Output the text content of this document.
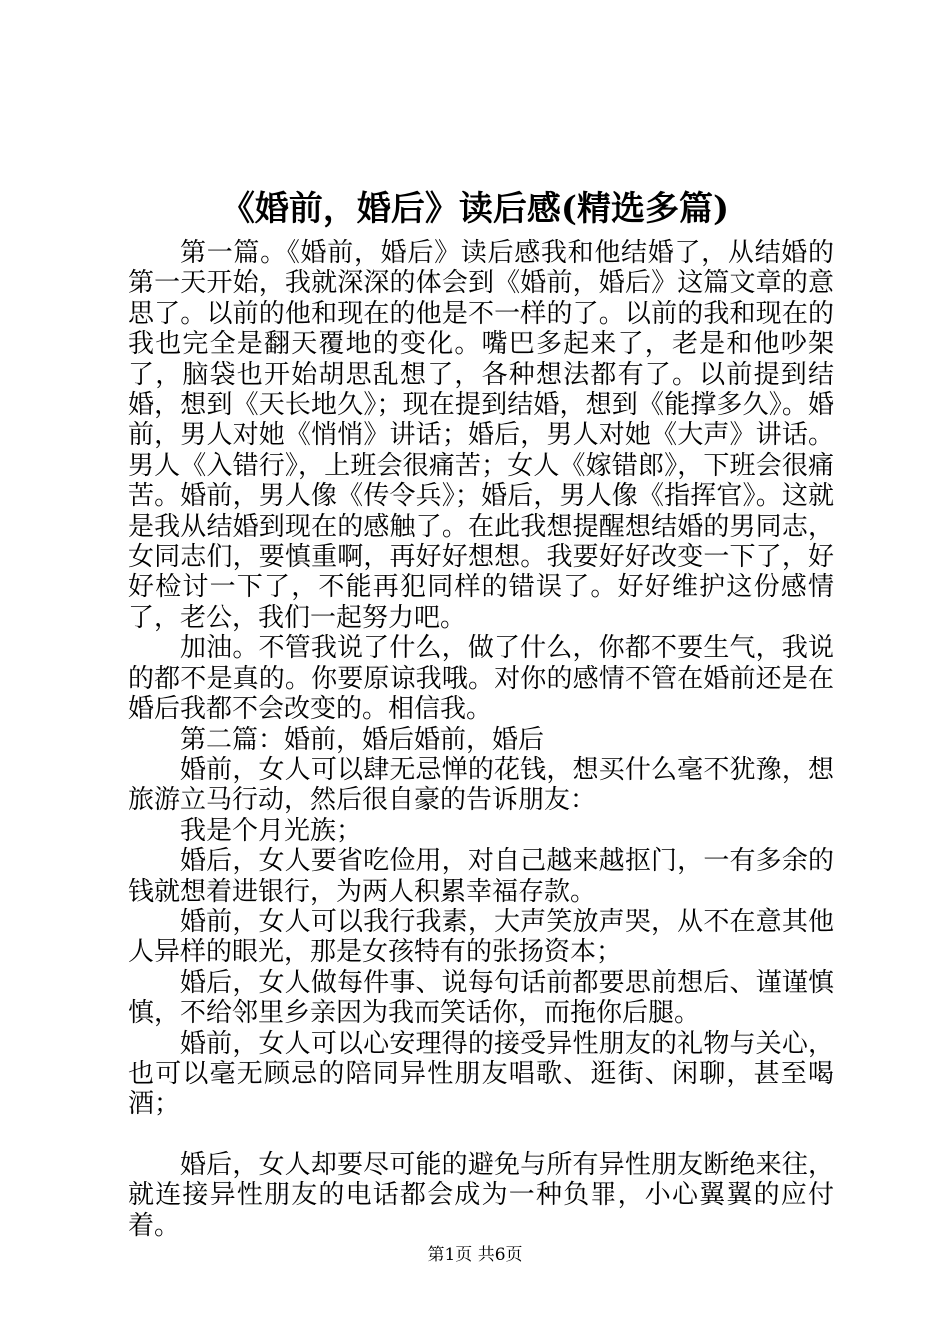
《婚前，婚后》读后感(精选多篇)

第一篇。《婚前，婚后》读后感我和他结婚了，从结婚的第一天开始，我就深深的体会到《婚前，婚后》这篇文章的意思了。以前的他和现在的他是不一样的了。以前的我和现在的我也完全是翻天覆地的变化。嘴巴多起来了，老是和他吵架了，脑袋也开始胡思乱想了，各种想法都有了。以前提到结婚，想到《天长地久》；现在提到结婚，想到《能撑多久》。婚前，男人对她《悄悄》讲话；婚后，男人对她《大声》讲话。男人《入错行》，上班会很痛苦；女人《嫁错郎》，下班会很痛苦。婚前，男人像《传令兵》；婚后，男人像《指挥官》。这就是我从结婚到现在的感触了。在此我想提醒想结婚的男同志，女同志们，要慎重啊，再好好想想。我要好好改变一下了，好好检讨一下了，不能再犯同样的错误了。好好维护这份感情了，老公，我们一起努力吧。

加油。不管我说了什么，做了什么，你都不要生气，我说的都不是真的。你要原谅我哦。对你的感情不管在婚前还是在婚后我都不会改变的。相信我。

第二篇：婚前，婚后婚前，婚后

婚前，女人可以肆无忌惮的花钱，想买什么毫不犹豫，想旅游立马行动，然后很自豪的告诉朋友：

我是个月光族；

婚后，女人要省吃俭用，对自己越来越抠门，一有多余的钱就想着进银行，为两人积累幸福存款。

婚前，女人可以我行我素，大声笑放声哭，从不在意其他人异样的眼光，那是女孩特有的张扬资本；

婚后，女人做每件事、说每句话前都要思前想后、谨谨慎慎，不给邻里乡亲因为我而笑话你，而拖你后腿。

婚前，女人可以心安理得的接受异性朋友的礼物与关心，也可以毫无顾忌的陪同异性朋友唱歌、逛街、闲聊，甚至喝酒；

婚后，女人却要尽可能的避免与所有异性朋友断绝来往，就连接异性朋友的电话都会成为一种负罪，小心翼翼的应付着。

第1页 共6页
